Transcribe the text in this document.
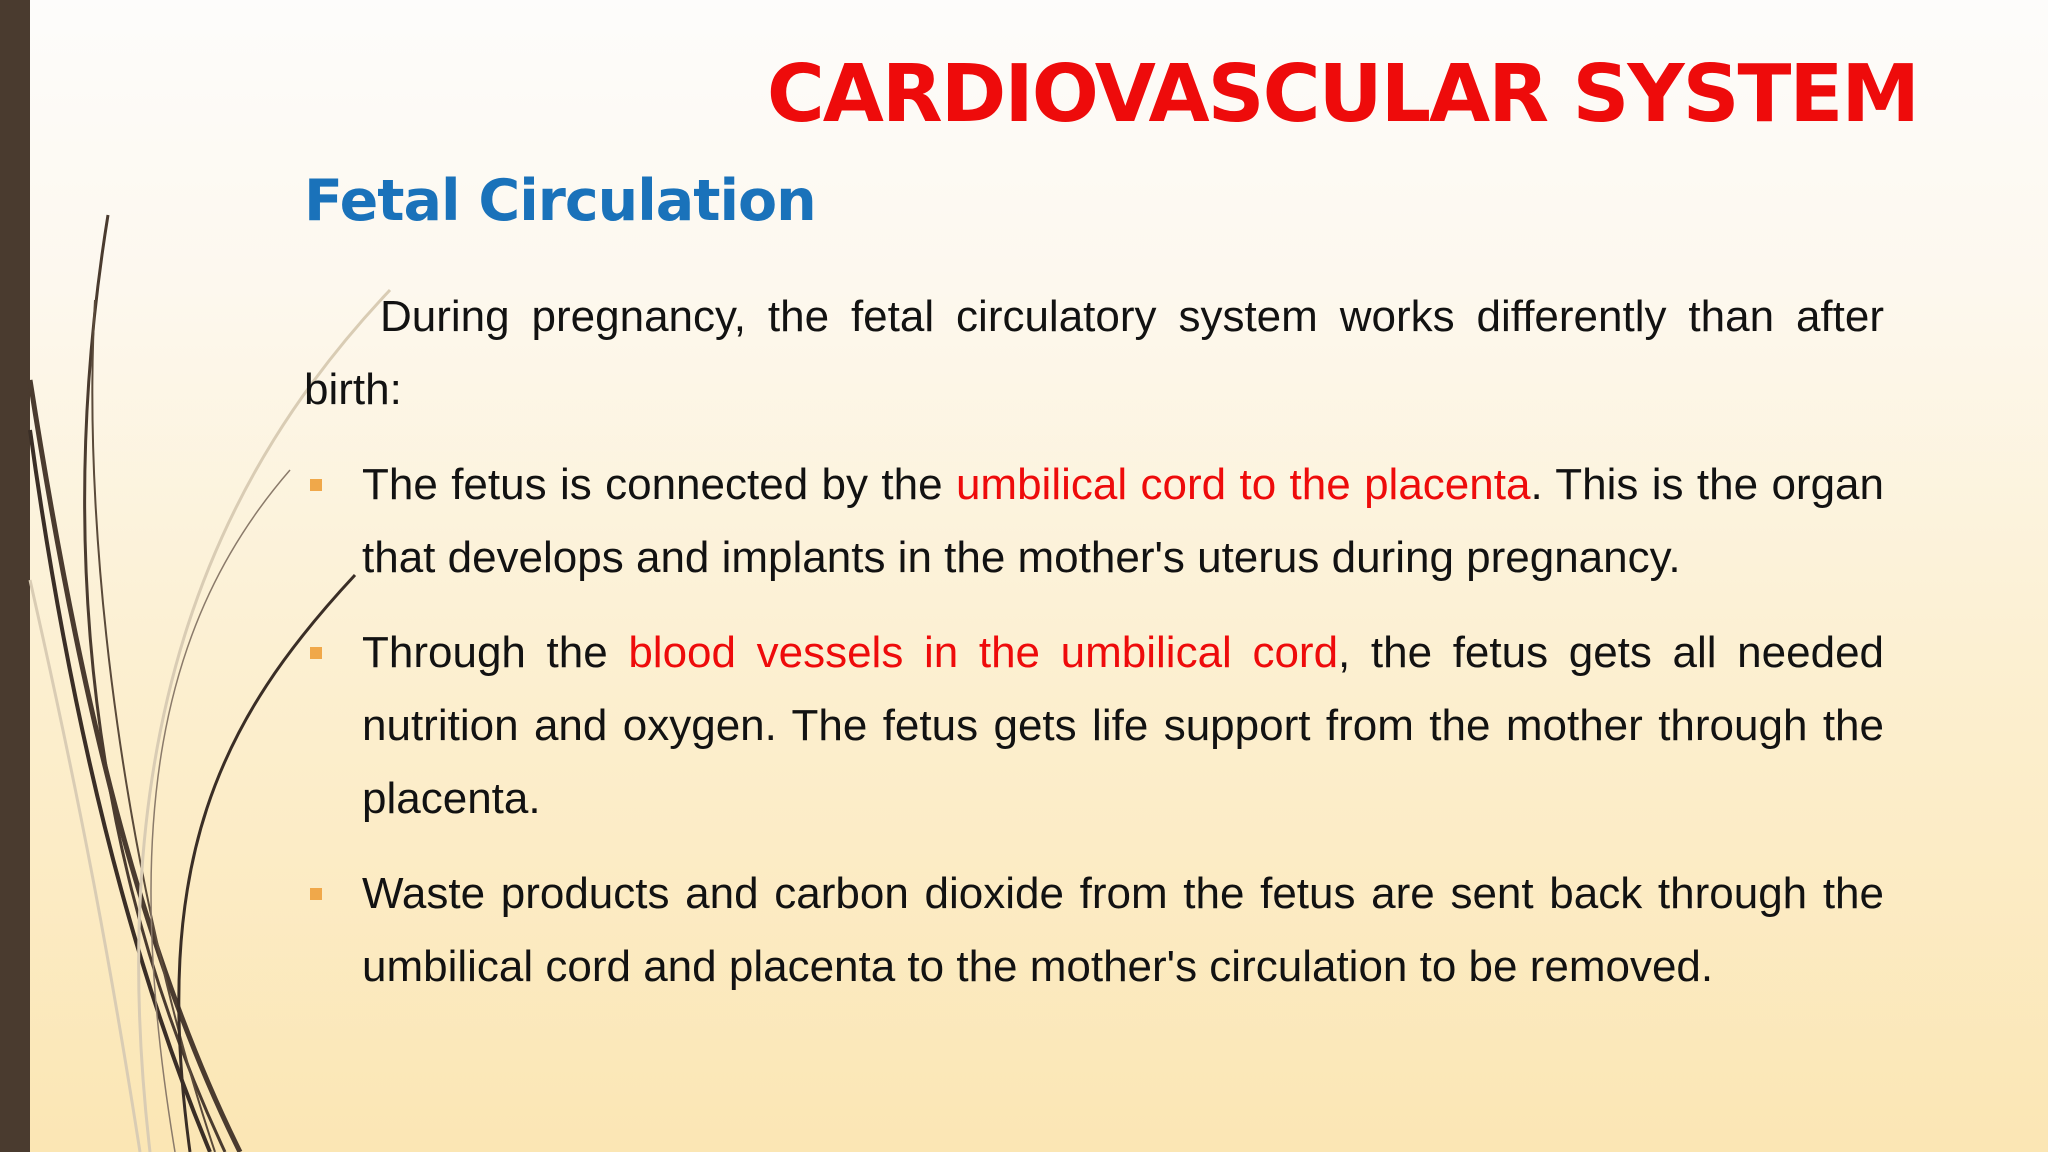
CARDIOVASCULAR SYSTEM
Fetal Circulation

During pregnancy, the fetal circulatory system works differently than after birth:

The fetus is connected by the umbilical cord to the placenta. This is the organ that develops and implants in the mother's uterus during pregnancy.
Through the blood vessels in the umbilical cord, the fetus gets all needed nutrition and oxygen. The fetus gets life support from the mother through the placenta.
Waste products and carbon dioxide from the fetus are sent back through the umbilical cord and placenta to the mother's circulation to be removed.
